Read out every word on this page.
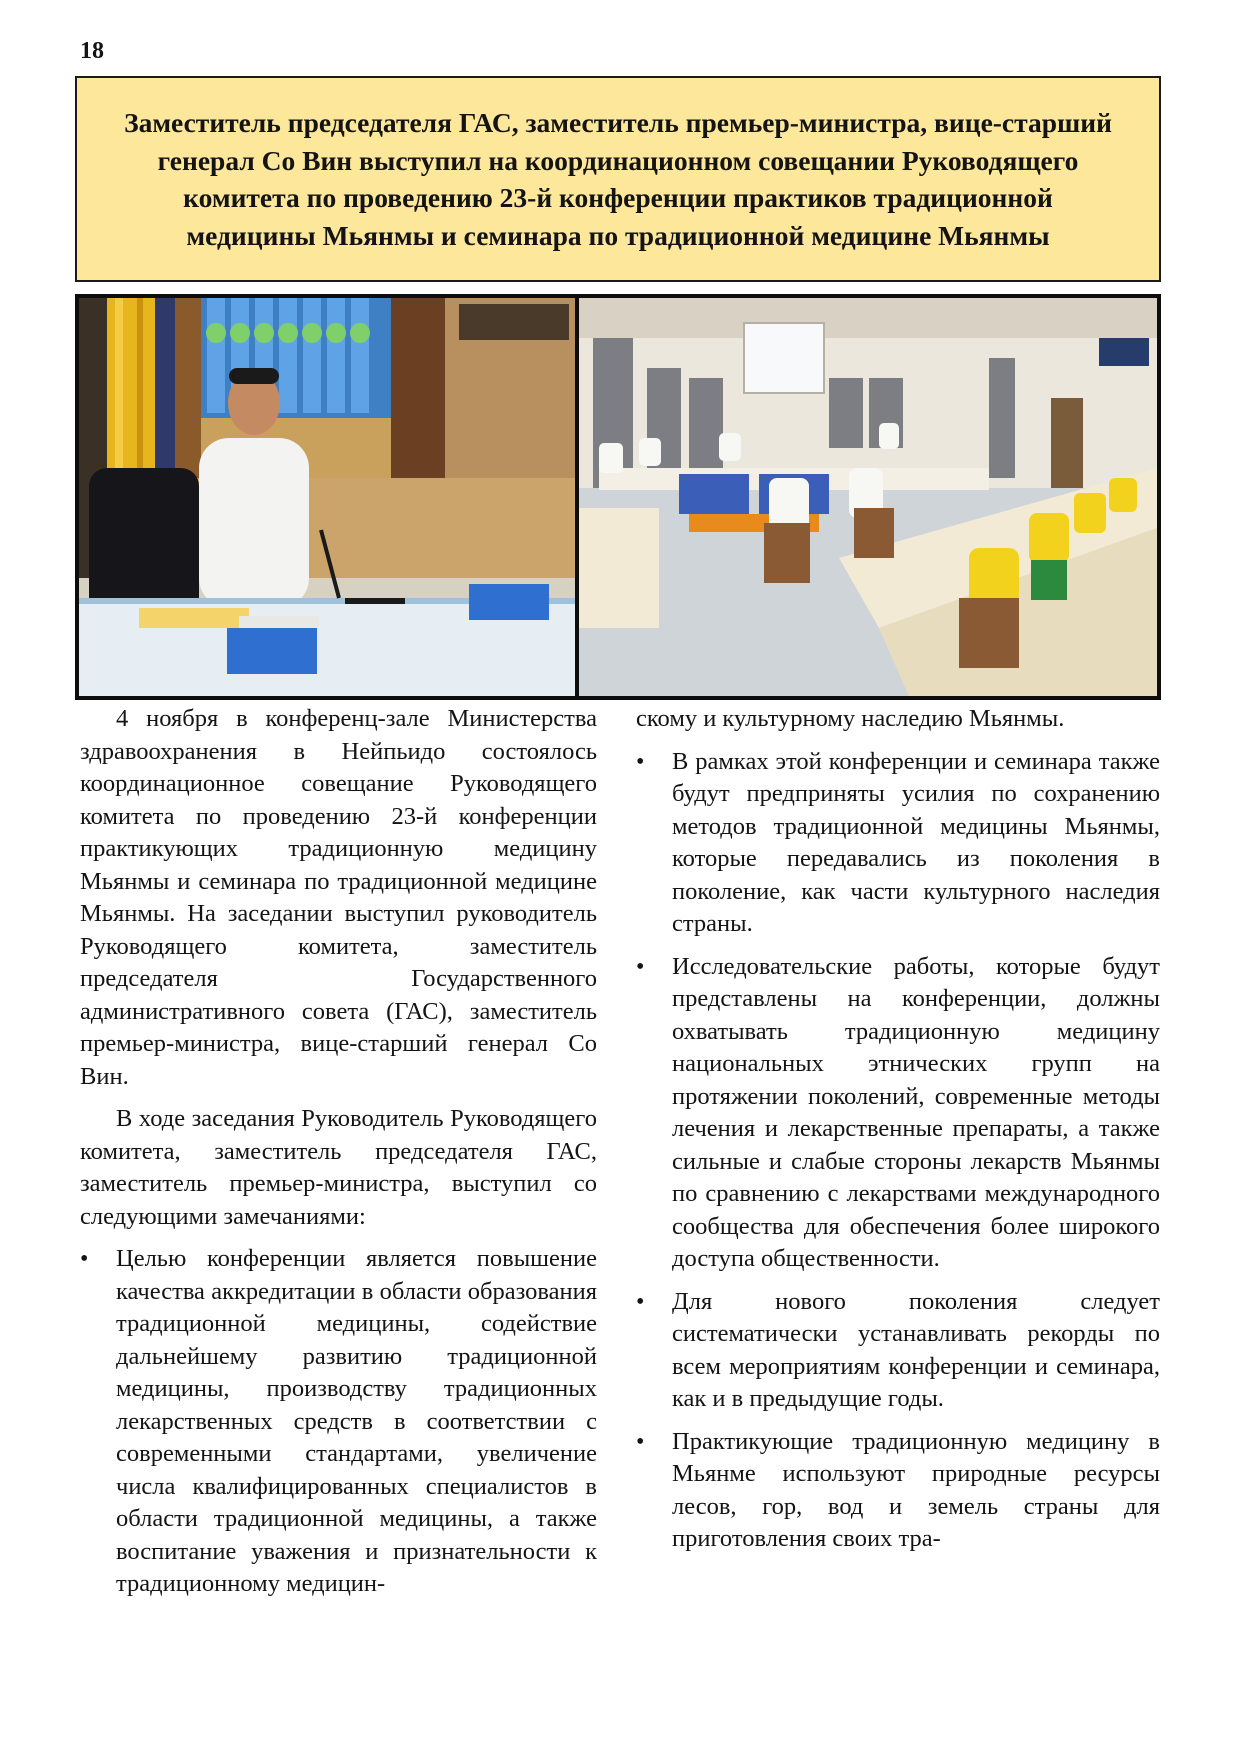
18
Заместитель председателя ГАС, заместитель премьер-министра, вице-старший генерал Со Вин выступил на координационном совещании Руководящего комитета по проведению 23-й конференции практиков традиционной медицины Мьянмы и семинара по традиционной медицине Мьянмы

4 ноября в конференц-зале Министерства здравоохранения в Нейпьидо состоялось координационное совещание Руководящего комитета по проведению 23-й конференции практикующих традиционную медицину Мьянмы и семинара по традиционной медицине Мьянмы. На заседании выступил руководитель Руководящего комитета, заместитель председателя Государственного административного совета (ГАС), заместитель премьер-министра, вице-старший генерал Со Вин.

В ходе заседания Руководитель Руководящего комитета, заместитель председателя ГАС, заместитель премьер-министра, выступил со следующими замечаниями:

• Целью конференции является повышение качества аккредитации в области образования традиционной медицины, содействие дальнейшему развитию традиционной медицины, производству традиционных лекарственных средств в соответствии с современными стандартами, увеличение числа квалифицированных специалистов в области традиционной медицины, а также воспитание уважения и признательности к традиционному медицин-

скому и культурному наследию Мьянмы.

• В рамках этой конференции и семинара также будут предприняты усилия по сохранению методов традиционной медицины Мьянмы, которые передавались из поколения в поколение, как части культурного наследия страны.
• Исследовательские работы, которые будут представлены на конференции, должны охватывать традиционную медицину национальных этнических групп на протяжении поколений, современные методы лечения и лекарственные препараты, а также сильные и слабые стороны лекарств Мьянмы по сравнению с лекарствами международного сообщества для обеспечения более широкого доступа общественности.
• Для нового поколения следует систематически устанавливать рекорды по всем мероприятиям конференции и семинара, как и в предыдущие годы.
• Практикующие традиционную медицину в Мьянме используют природные ресурсы лесов, гор, вод и земель страны для приготовления своих тра-
